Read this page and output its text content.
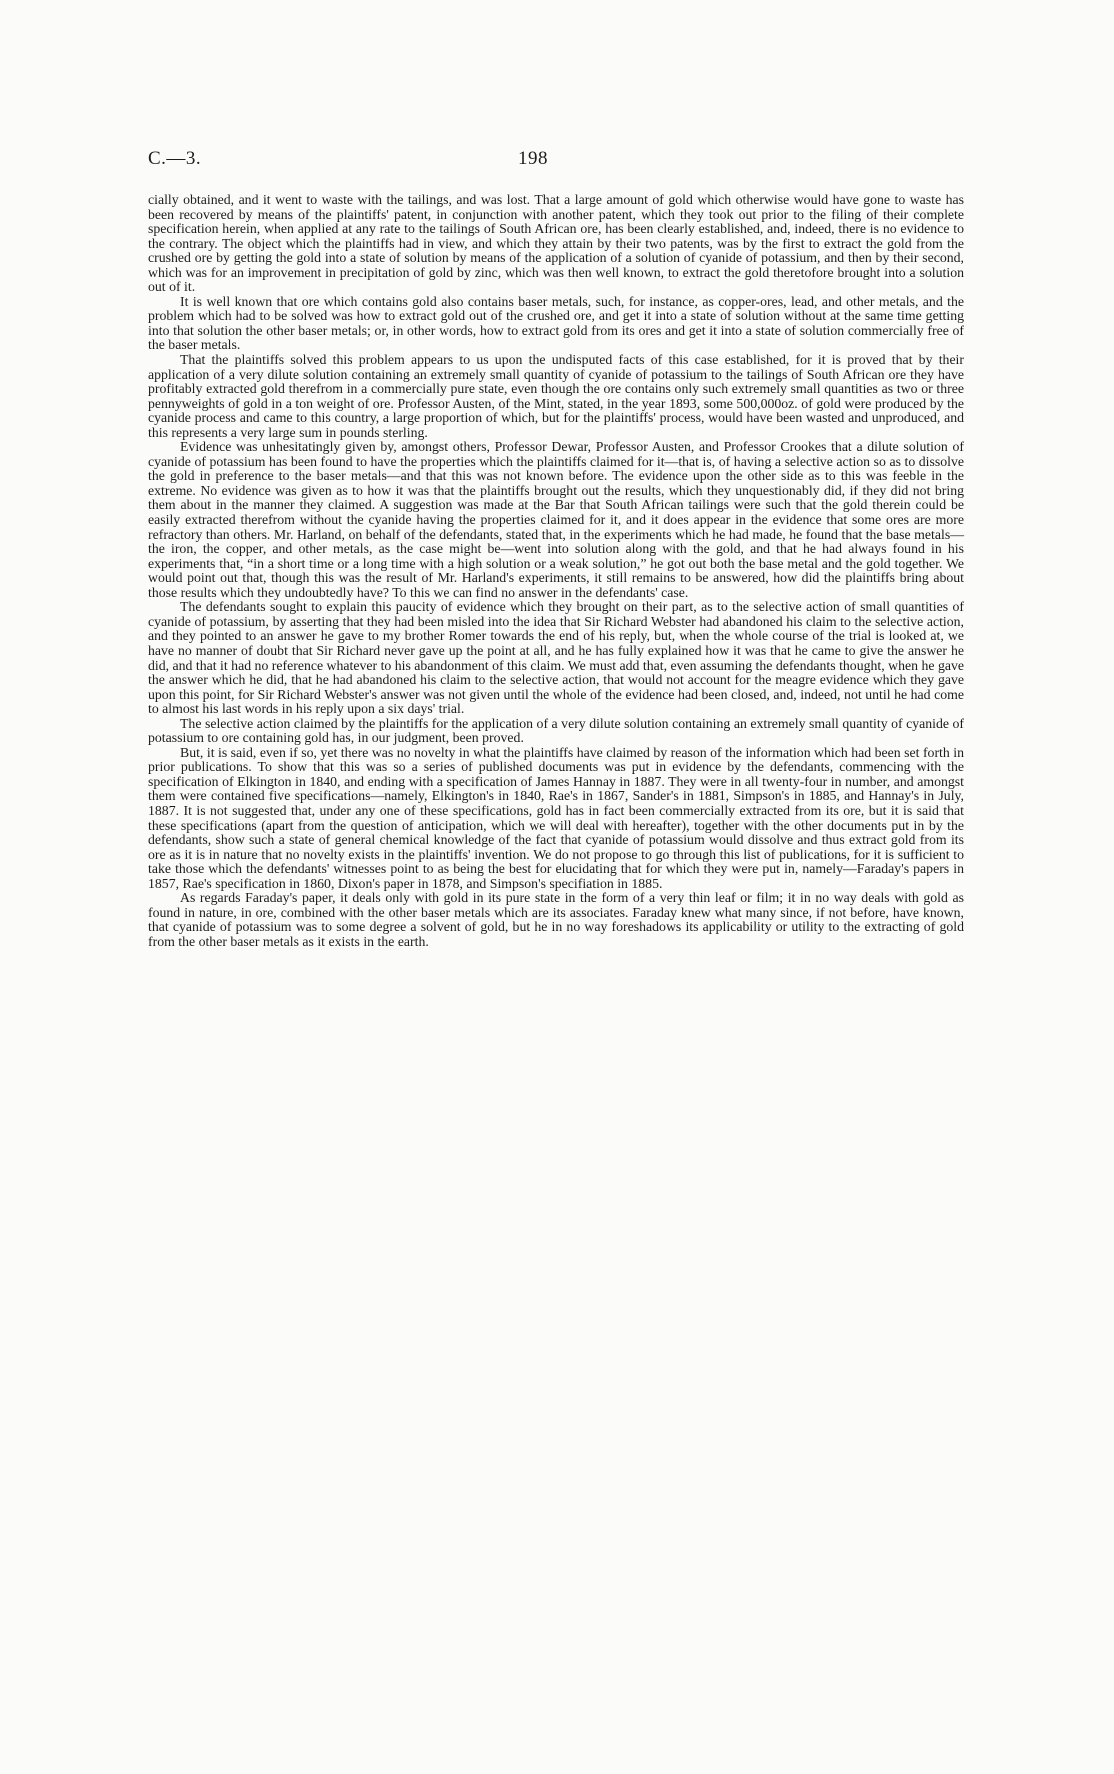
C.—3.	198

cially obtained, and it went to waste with the tailings, and was lost. That a large amount of gold which otherwise would have gone to waste has been recovered by means of the plaintiffs' patent, in conjunction with another patent, which they took out prior to the filing of their complete specification herein, when applied at any rate to the tailings of South African ore, has been clearly established, and, indeed, there is no evidence to the contrary. The object which the plaintiffs had in view, and which they attain by their two patents, was by the first to extract the gold from the crushed ore by getting the gold into a state of solution by means of the application of a solution of cyanide of potassium, and then by their second, which was for an improvement in precipitation of gold by zinc, which was then well known, to extract the gold theretofore brought into a solution out of it.

It is well known that ore which contains gold also contains baser metals, such, for instance, as copper-ores, lead, and other metals, and the problem which had to be solved was how to extract gold out of the crushed ore, and get it into a state of solution without at the same time getting into that solution the other baser metals; or, in other words, how to extract gold from its ores and get it into a state of solution commercially free of the baser metals.

That the plaintiffs solved this problem appears to us upon the undisputed facts of this case established, for it is proved that by their application of a very dilute solution containing an extremely small quantity of cyanide of potassium to the tailings of South African ore they have profitably extracted gold therefrom in a commercially pure state, even though the ore contains only such extremely small quantities as two or three pennyweights of gold in a ton weight of ore. Professor Austen, of the Mint, stated, in the year 1893, some 500,000oz. of gold were produced by the cyanide process and came to this country, a large proportion of which, but for the plaintiffs' process, would have been wasted and unproduced, and this represents a very large sum in pounds sterling.

Evidence was unhesitatingly given by, amongst others, Professor Dewar, Professor Austen, and Professor Crookes that a dilute solution of cyanide of potassium has been found to have the properties which the plaintiffs claimed for it—that is, of having a selective action so as to dissolve the gold in preference to the baser metals—and that this was not known before. The evidence upon the other side as to this was feeble in the extreme. No evidence was given as to how it was that the plaintiffs brought out the results, which they unquestionably did, if they did not bring them about in the manner they claimed. A suggestion was made at the Bar that South African tailings were such that the gold therein could be easily extracted therefrom without the cyanide having the properties claimed for it, and it does appear in the evidence that some ores are more refractory than others. Mr. Harland, on behalf of the defendants, stated that, in the experiments which he had made, he found that the base metals—the iron, the copper, and other metals, as the case might be—went into solution along with the gold, and that he had always found in his experiments that, “in a short time or a long time with a high solution or a weak solution,” he got out both the base metal and the gold together. We would point out that, though this was the result of Mr. Harland's experiments, it still remains to be answered, how did the plaintiffs bring about those results which they undoubtedly have? To this we can find no answer in the defendants' case.

The defendants sought to explain this paucity of evidence which they brought on their part, as to the selective action of small quantities of cyanide of potassium, by asserting that they had been misled into the idea that Sir Richard Webster had abandoned his claim to the selective action, and they pointed to an answer he gave to my brother Romer towards the end of his reply, but, when the whole course of the trial is looked at, we have no manner of doubt that Sir Richard never gave up the point at all, and he has fully explained how it was that he came to give the answer he did, and that it had no reference whatever to his abandonment of this claim. We must add that, even assuming the defendants thought, when he gave the answer which he did, that he had abandoned his claim to the selective action, that would not account for the meagre evidence which they gave upon this point, for Sir Richard Webster's answer was not given until the whole of the evidence had been closed, and, indeed, not until he had come to almost his last words in his reply upon a six days' trial.

The selective action claimed by the plaintiffs for the application of a very dilute solution containing an extremely small quantity of cyanide of potassium to ore containing gold has, in our judgment, been proved.

But, it is said, even if so, yet there was no novelty in what the plaintiffs have claimed by reason of the information which had been set forth in prior publications. To show that this was so a series of published documents was put in evidence by the defendants, commencing with the specification of Elkington in 1840, and ending with a specification of James Hannay in 1887. They were in all twenty-four in number, and amongst them were contained five specifications—namely, Elkington's in 1840, Rae's in 1867, Sander's in 1881, Simpson's in 1885, and Hannay's in July, 1887. It is not suggested that, under any one of these specifications, gold has in fact been commercially extracted from its ore, but it is said that these specifications (apart from the question of anticipation, which we will deal with hereafter), together with the other documents put in by the defendants, show such a state of general chemical knowledge of the fact that cyanide of potassium would dissolve and thus extract gold from its ore as it is in nature that no novelty exists in the plaintiffs' invention. We do not propose to go through this list of publications, for it is sufficient to take those which the defendants' witnesses point to as being the best for elucidating that for which they were put in, namely—Faraday's papers in 1857, Rae's specification in 1860, Dixon's paper in 1878, and Simpson's specifiation in 1885.

As regards Faraday's paper, it deals only with gold in its pure state in the form of a very thin leaf or film; it in no way deals with gold as found in nature, in ore, combined with the other baser metals which are its associates. Faraday knew what many since, if not before, have known, that cyanide of potassium was to some degree a solvent of gold, but he in no way foreshadows its applicability or utility to the extracting of gold from the other baser metals as it exists in the earth.
